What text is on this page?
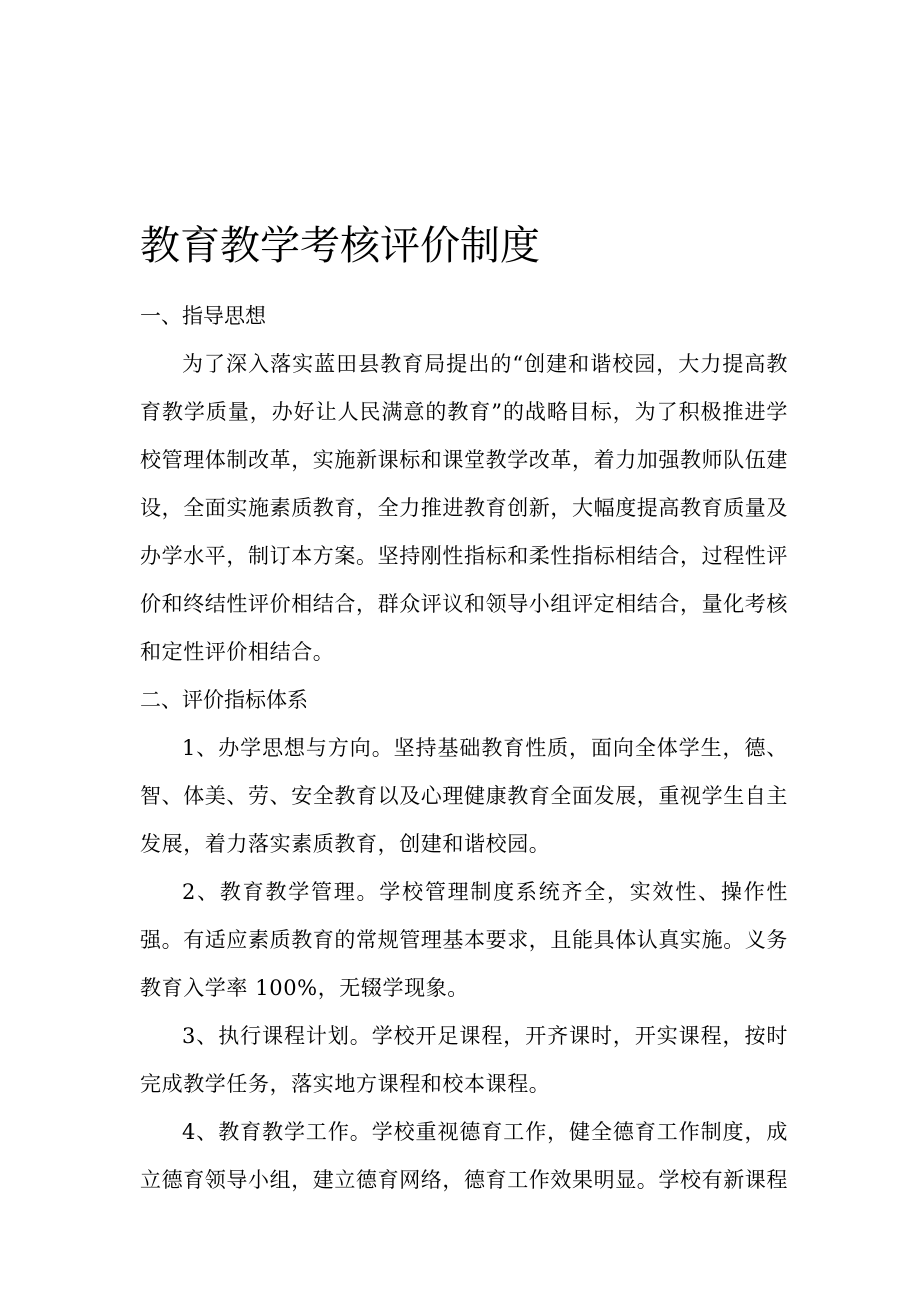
教育教学考核评价制度

一、指导思想

为了深入落实蓝田县教育局提出的“创建和谐校园，大力提高教育教学质量，办好让人民满意的教育”的战略目标，为了积极推进学校管理体制改革，实施新课标和课堂教学改革，着力加强教师队伍建设，全面实施素质教育，全力推进教育创新，大幅度提高教育质量及办学水平，制订本方案。坚持刚性指标和柔性指标相结合，过程性评价和终结性评价相结合，群众评议和领导小组评定相结合，量化考核和定性评价相结合。

二、评价指标体系

1、办学思想与方向。坚持基础教育性质，面向全体学生，德、智、体美、劳、安全教育以及心理健康教育全面发展，重视学生自主发展，着力落实素质教育，创建和谐校园。

2、教育教学管理。学校管理制度系统齐全，实效性、操作性强。有适应素质教育的常规管理基本要求，且能具体认真实施。义务教育入学率 100%，无辍学现象。

3、执行课程计划。学校开足课程，开齐课时，开实课程，按时完成教学任务，落实地方课程和校本课程。

4、教育教学工作。学校重视德育工作，健全德育工作制度，成立德育领导小组，建立德育网络，德育工作效果明显。学校有新课程
